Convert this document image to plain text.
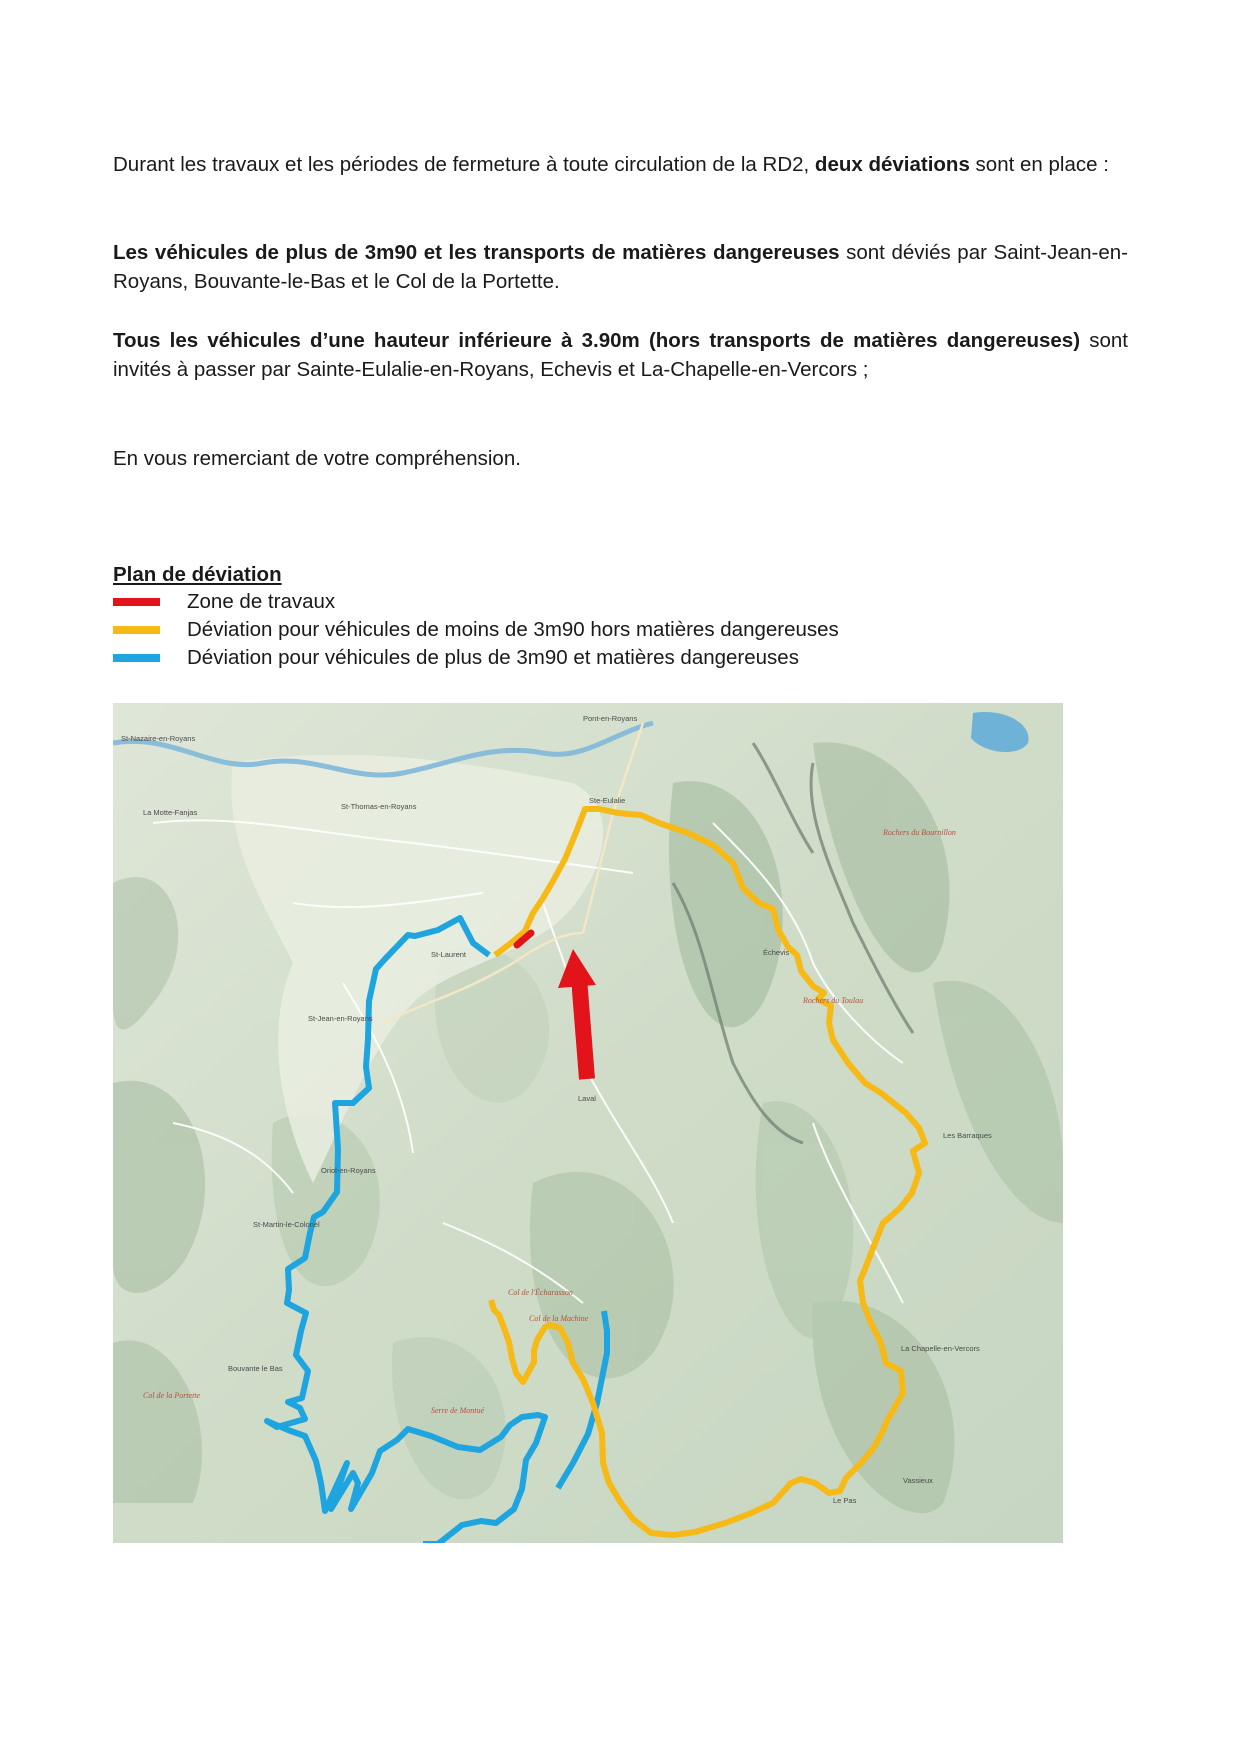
Durant les travaux et les périodes de fermeture à toute circulation de la RD2, deux déviations sont en place :
Les véhicules de plus de 3m90 et les transports de matières dangereuses sont déviés par Saint-Jean-en-Royans, Bouvante-le-Bas et le Col de la Portette.
Tous les véhicules d’une hauteur inférieure à 3.90m (hors transports de matières dangereuses) sont invités à passer par Sainte-Eulalie-en-Royans, Echevis et La-Chapelle-en-Vercors ;
En vous remerciant de votre compréhension.
Plan de déviation
Zone de travaux
Déviation pour véhicules de moins de 3m90 hors matières dangereuses
Déviation pour véhicules de plus de 3m90 et matières dangereuses
Pont-en-Royans
St-Nazaire-en-Royans
St-Thomas-en-Royans
La Motte-Fanjas
Ste-Eulalie
St-Laurent
St-Jean-en-Royans
Échevis
Laval
Oriol-en-Royans
St-Martin-le-Colonel
Bouvante le Bas
La Chapelle-en-Vercors
Vassieux
Les Barraques
Le Pas
Col de l'Écharasson
Col de la Machine
Col de la Portette
Rochers du Toulau
Rochers du Bournillon
Serre de Montué
